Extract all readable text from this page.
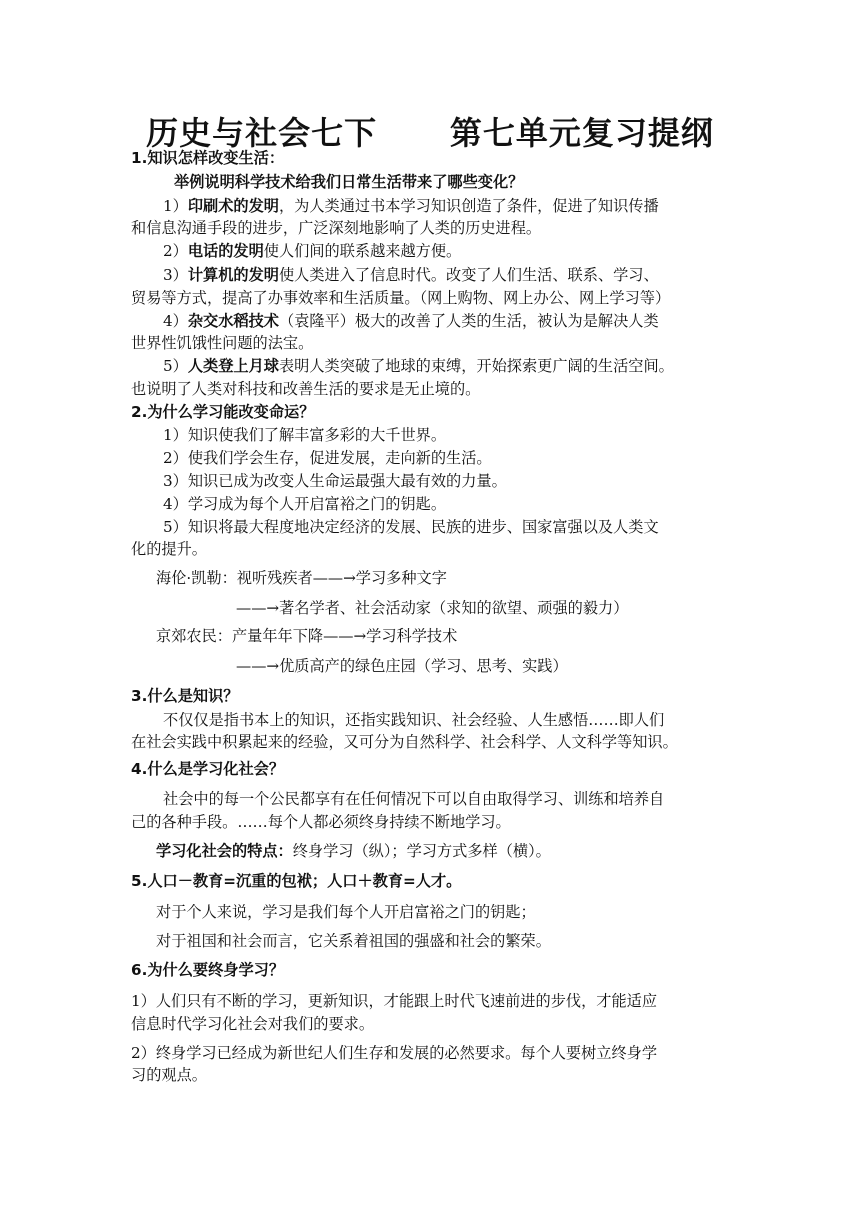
历史与社会七下      第七单元复习提纲
1.知识怎样改变生活：
举例说明科学技术给我们日常生活带来了哪些变化？
1）印刷术的发明，为人类通过书本学习知识创造了条件，促进了知识传播
和信息沟通手段的进步，广泛深刻地影响了人类的历史进程。
2）电话的发明使人们间的联系越来越方便。
3）计算机的发明使人类进入了信息时代。改变了人们生活、联系、学习、
贸易等方式，提高了办事效率和生活质量。（网上购物、网上办公、网上学习等）
4）杂交水稻技术（袁隆平）极大的改善了人类的生活，被认为是解决人类
世界性饥饿性问题的法宝。
5）人类登上月球表明人类突破了地球的束缚，开始探索更广阔的生活空间。
也说明了人类对科技和改善生活的要求是无止境的。
2.为什么学习能改变命运？
1）知识使我们了解丰富多彩的大千世界。
2）使我们学会生存，促进发展，走向新的生活。
3）知识已成为改变人生命运最强大最有效的力量。
4）学习成为每个人开启富裕之门的钥匙。
5）知识将最大程度地决定经济的发展、民族的进步、国家富强以及人类文
化的提升。
海伦·凯勒：视听残疾者——→学习多种文字
——→著名学者、社会活动家（求知的欲望、顽强的毅力）
京郊农民：产量年年下降——→学习科学技术
——→优质高产的绿色庄园（学习、思考、实践）
3.什么是知识？
不仅仅是指书本上的知识，还指实践知识、社会经验、人生感悟……即人们
在社会实践中积累起来的经验，又可分为自然科学、社会科学、人文科学等知识。
4.什么是学习化社会？
社会中的每一个公民都享有在任何情况下可以自由取得学习、训练和培养自
己的各种手段。……每个人都必须终身持续不断地学习。
学习化社会的特点：终身学习（纵）；学习方式多样（横）。
5.人口－教育=沉重的包袱；人口＋教育=人才。
对于个人来说，学习是我们每个人开启富裕之门的钥匙；
对于祖国和社会而言，它关系着祖国的强盛和社会的繁荣。
6.为什么要终身学习？
1）人们只有不断的学习，更新知识，才能跟上时代飞速前进的步伐，才能适应
信息时代学习化社会对我们的要求。
2）终身学习已经成为新世纪人们生存和发展的必然要求。每个人要树立终身学
习的观点。
